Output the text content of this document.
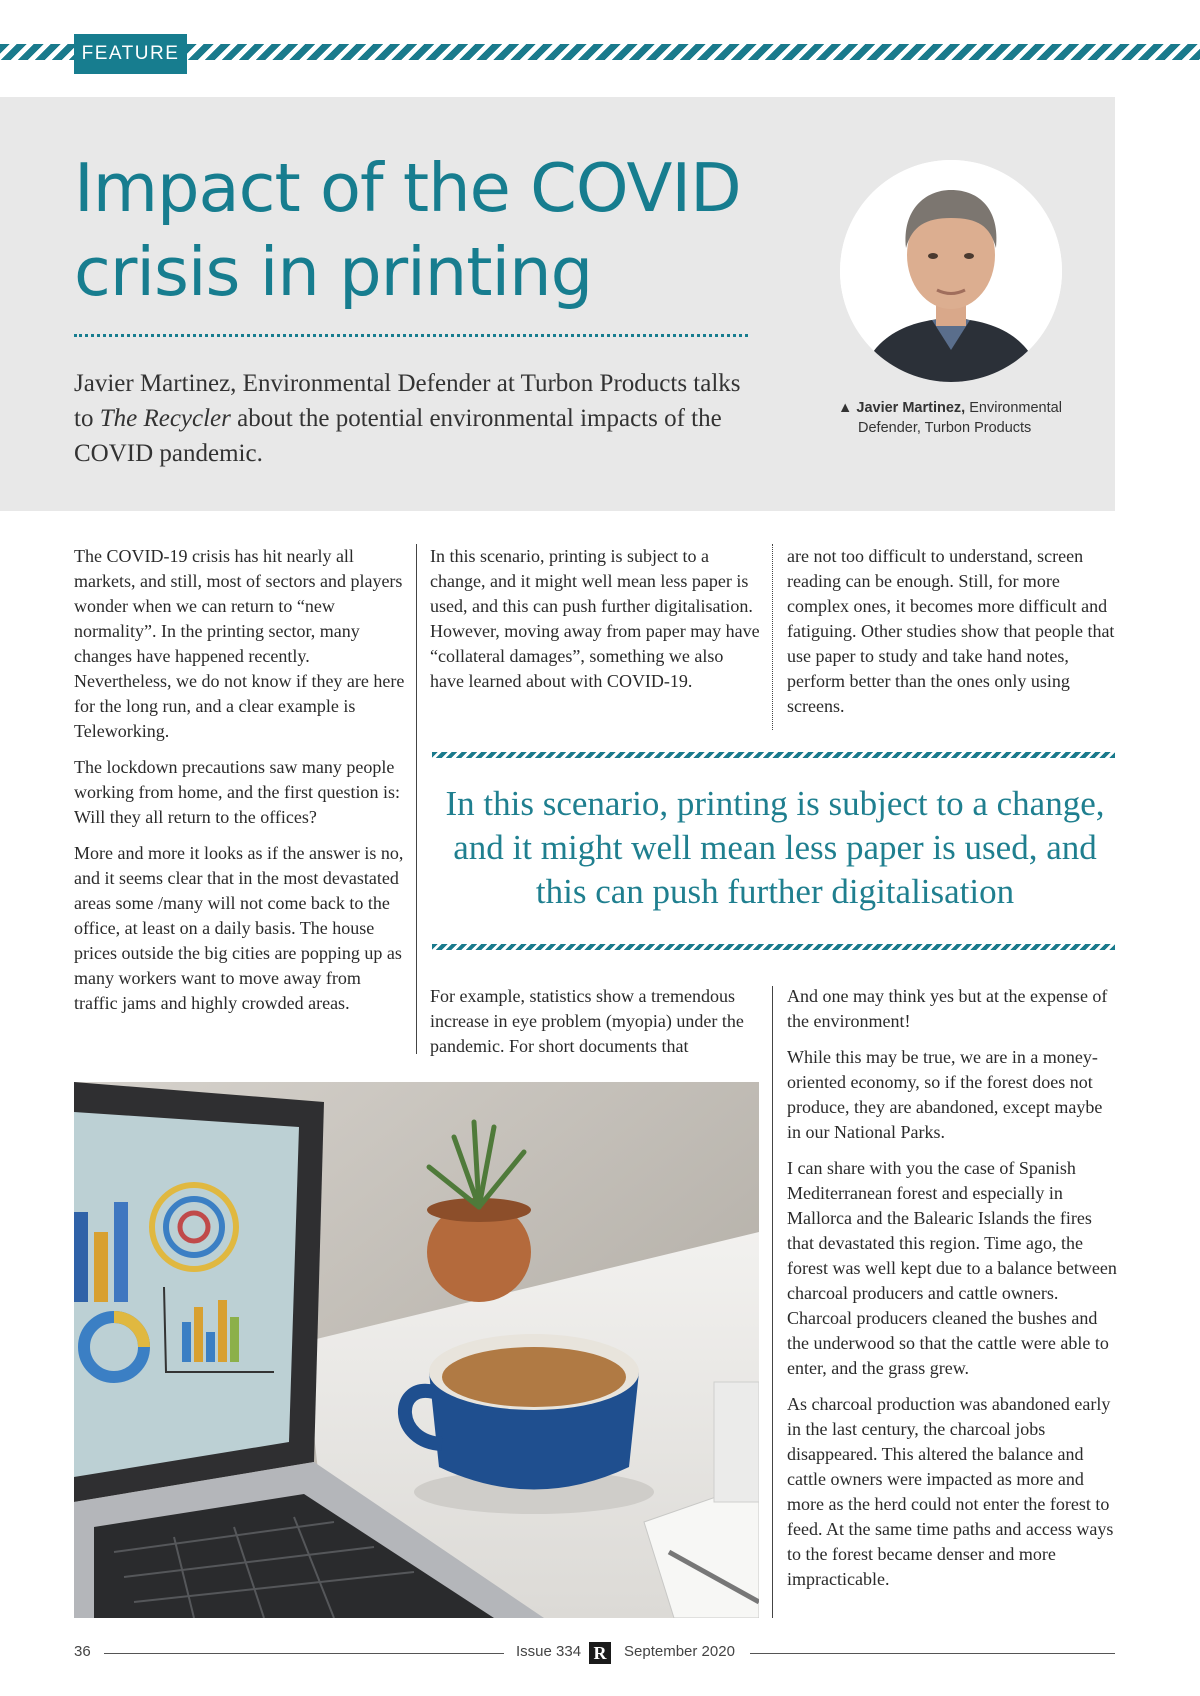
FEATURE
Impact of the COVID
crisis in printing

Javier Martinez, Environmental Defender at Turbon Products talks to The Recycler about the potential environmental impacts of the COVID pandemic.

▲ Javier Martinez, Environmental
Defender, Turbon Products

The COVID-19 crisis has hit nearly all markets, and still, most of sectors and players wonder when we can return to “new normality”. In the printing sector, many changes have happened recently. Nevertheless, we do not know if they are here for the long run, and a clear example is Teleworking.

The lockdown precautions saw many people working from home, and the first question is: Will they all return to the offices?

More and more it looks as if the answer is no, and it seems clear that in the most devastated areas some /many will not come back to the office, at least on a daily basis. The house prices outside the big cities are popping up as many workers want to move away from traffic jams and highly crowded areas.

In this scenario, printing is subject to a change, and it might well mean less paper is used, and this can push further digitalisation. However, moving away from paper may have “collateral damages”, something we also have learned about with COVID-19.

are not too difficult to understand, screen reading can be enough. Still, for more complex ones, it becomes more difficult and fatiguing. Other studies show that people that use paper to study and take hand notes, perform better than the ones only using screens.

In this scenario, printing is subject to a change, and it might well mean less paper is used, and this can push further digitalisation

For example, statistics show a tremendous increase in eye problem (myopia) under the pandemic. For short documents that

And one may think yes but at the expense of the environment!

While this may be true, we are in a money-oriented economy, so if the forest does not produce, they are abandoned, except maybe in our National Parks.

I can share with you the case of Spanish Mediterranean forest and especially in Mallorca and the Balearic Islands the fires that devastated this region. Time ago, the forest was well kept due to a balance between charcoal producers and cattle owners. Charcoal producers cleaned the bushes and the underwood so that the cattle were able to enter, and the grass grew.

As charcoal production was abandoned early in the last century, the charcoal jobs disappeared. This altered the balance and cattle owners were impacted as more and more as the herd could not enter the forest to feed. At the same time paths and access ways to the forest became denser and more impracticable.

36	Issue 334 R	September 2020
